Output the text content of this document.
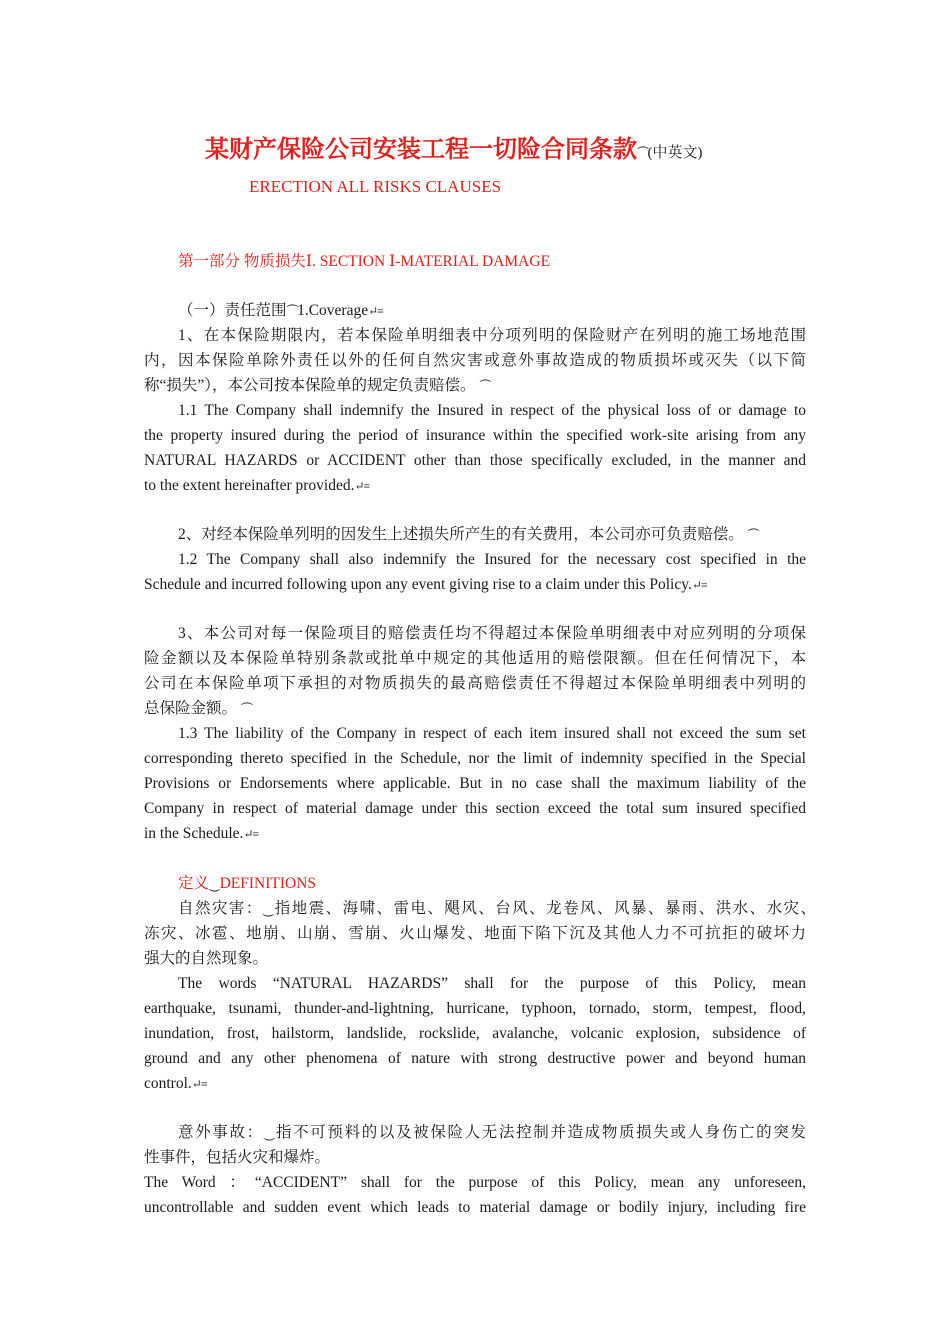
某财产保险公司安装工程一切险合同条款⏜(中英文)
ERECTION ALL RISKS CLAUSES
第一部分 物质损失Ⅰ. SECTION Ⅰ-MATERIAL DAMAGE
（一）责任范围⏜1.Coverage↵≡
1、在本保险期限内，若本保险单明细表中分项列明的保险财产在列明的施工场地范围
内，因本保险单除外责任以外的任何自然灾害或意外事故造成的物质损坏或灭失（以下简
称“损失”），本公司按本保险单的规定负责赔偿。 ⏜
1.1 The Company shall indemnify the Insured in respect of the physical loss of or damage to
the property insured during the period of insurance within the specified work-site arising from any
NATURAL HAZARDS or ACCIDENT other than those specifically excluded, in the manner and
to the extent hereinafter provided.↵≡
2、对经本保险单列明的因发生上述损失所产生的有关费用，本公司亦可负责赔偿。 ⏜
1.2 The Company shall also indemnify the Insured for the necessary cost specified in the
Schedule and incurred following upon any event giving rise to a claim under this Policy.↵≡
3、本公司对每一保险项目的赔偿责任均不得超过本保险单明细表中对应列明的分项保
险金额以及本保险单特别条款或批单中规定的其他适用的赔偿限额。但在任何情况下，本
公司在本保险单项下承担的对物质损失的最高赔偿责任不得超过本保险单明细表中列明的
总保险金额。 ⏜
1.3 The liability of the Company in respect of each item insured shall not exceed the sum set
corresponding thereto specified in the Schedule, nor the limit of indemnity specified in the Special
Provisions or Endorsements where applicable. But in no case shall the maximum liability of the
Company in respect of material damage under this section exceed the total sum insured specified
in the Schedule.↵≡
定义⏝DEFINITIONS
自然灾害：⏝指地震、海啸、雷电、飓风、台风、龙卷风、风暴、暴雨、洪水、水灾、
冻灾、冰雹、地崩、山崩、雪崩、火山爆发、地面下陷下沉及其他人力不可抗拒的破坏力
强大的自然现象。
The words “NATURAL HAZARDS” shall for the purpose of this Policy, mean
earthquake, tsunami, thunder-and-lightning, hurricane, typhoon, tornado, storm, tempest, flood,
inundation, frost, hailstorm, landslide, rockslide, avalanche, volcanic explosion, subsidence of
ground and any other phenomena of nature with strong destructive power and beyond human
control.↵≡
意外事故：⏝指不可预料的以及被保险人无法控制并造成物质损失或人身伤亡的突发
性事件，包括火灾和爆炸。
The Word ：“ACCIDENT” shall for the purpose of this Policy, mean any unforeseen,
uncontrollable and sudden event which leads to material damage or bodily injury, including fire
